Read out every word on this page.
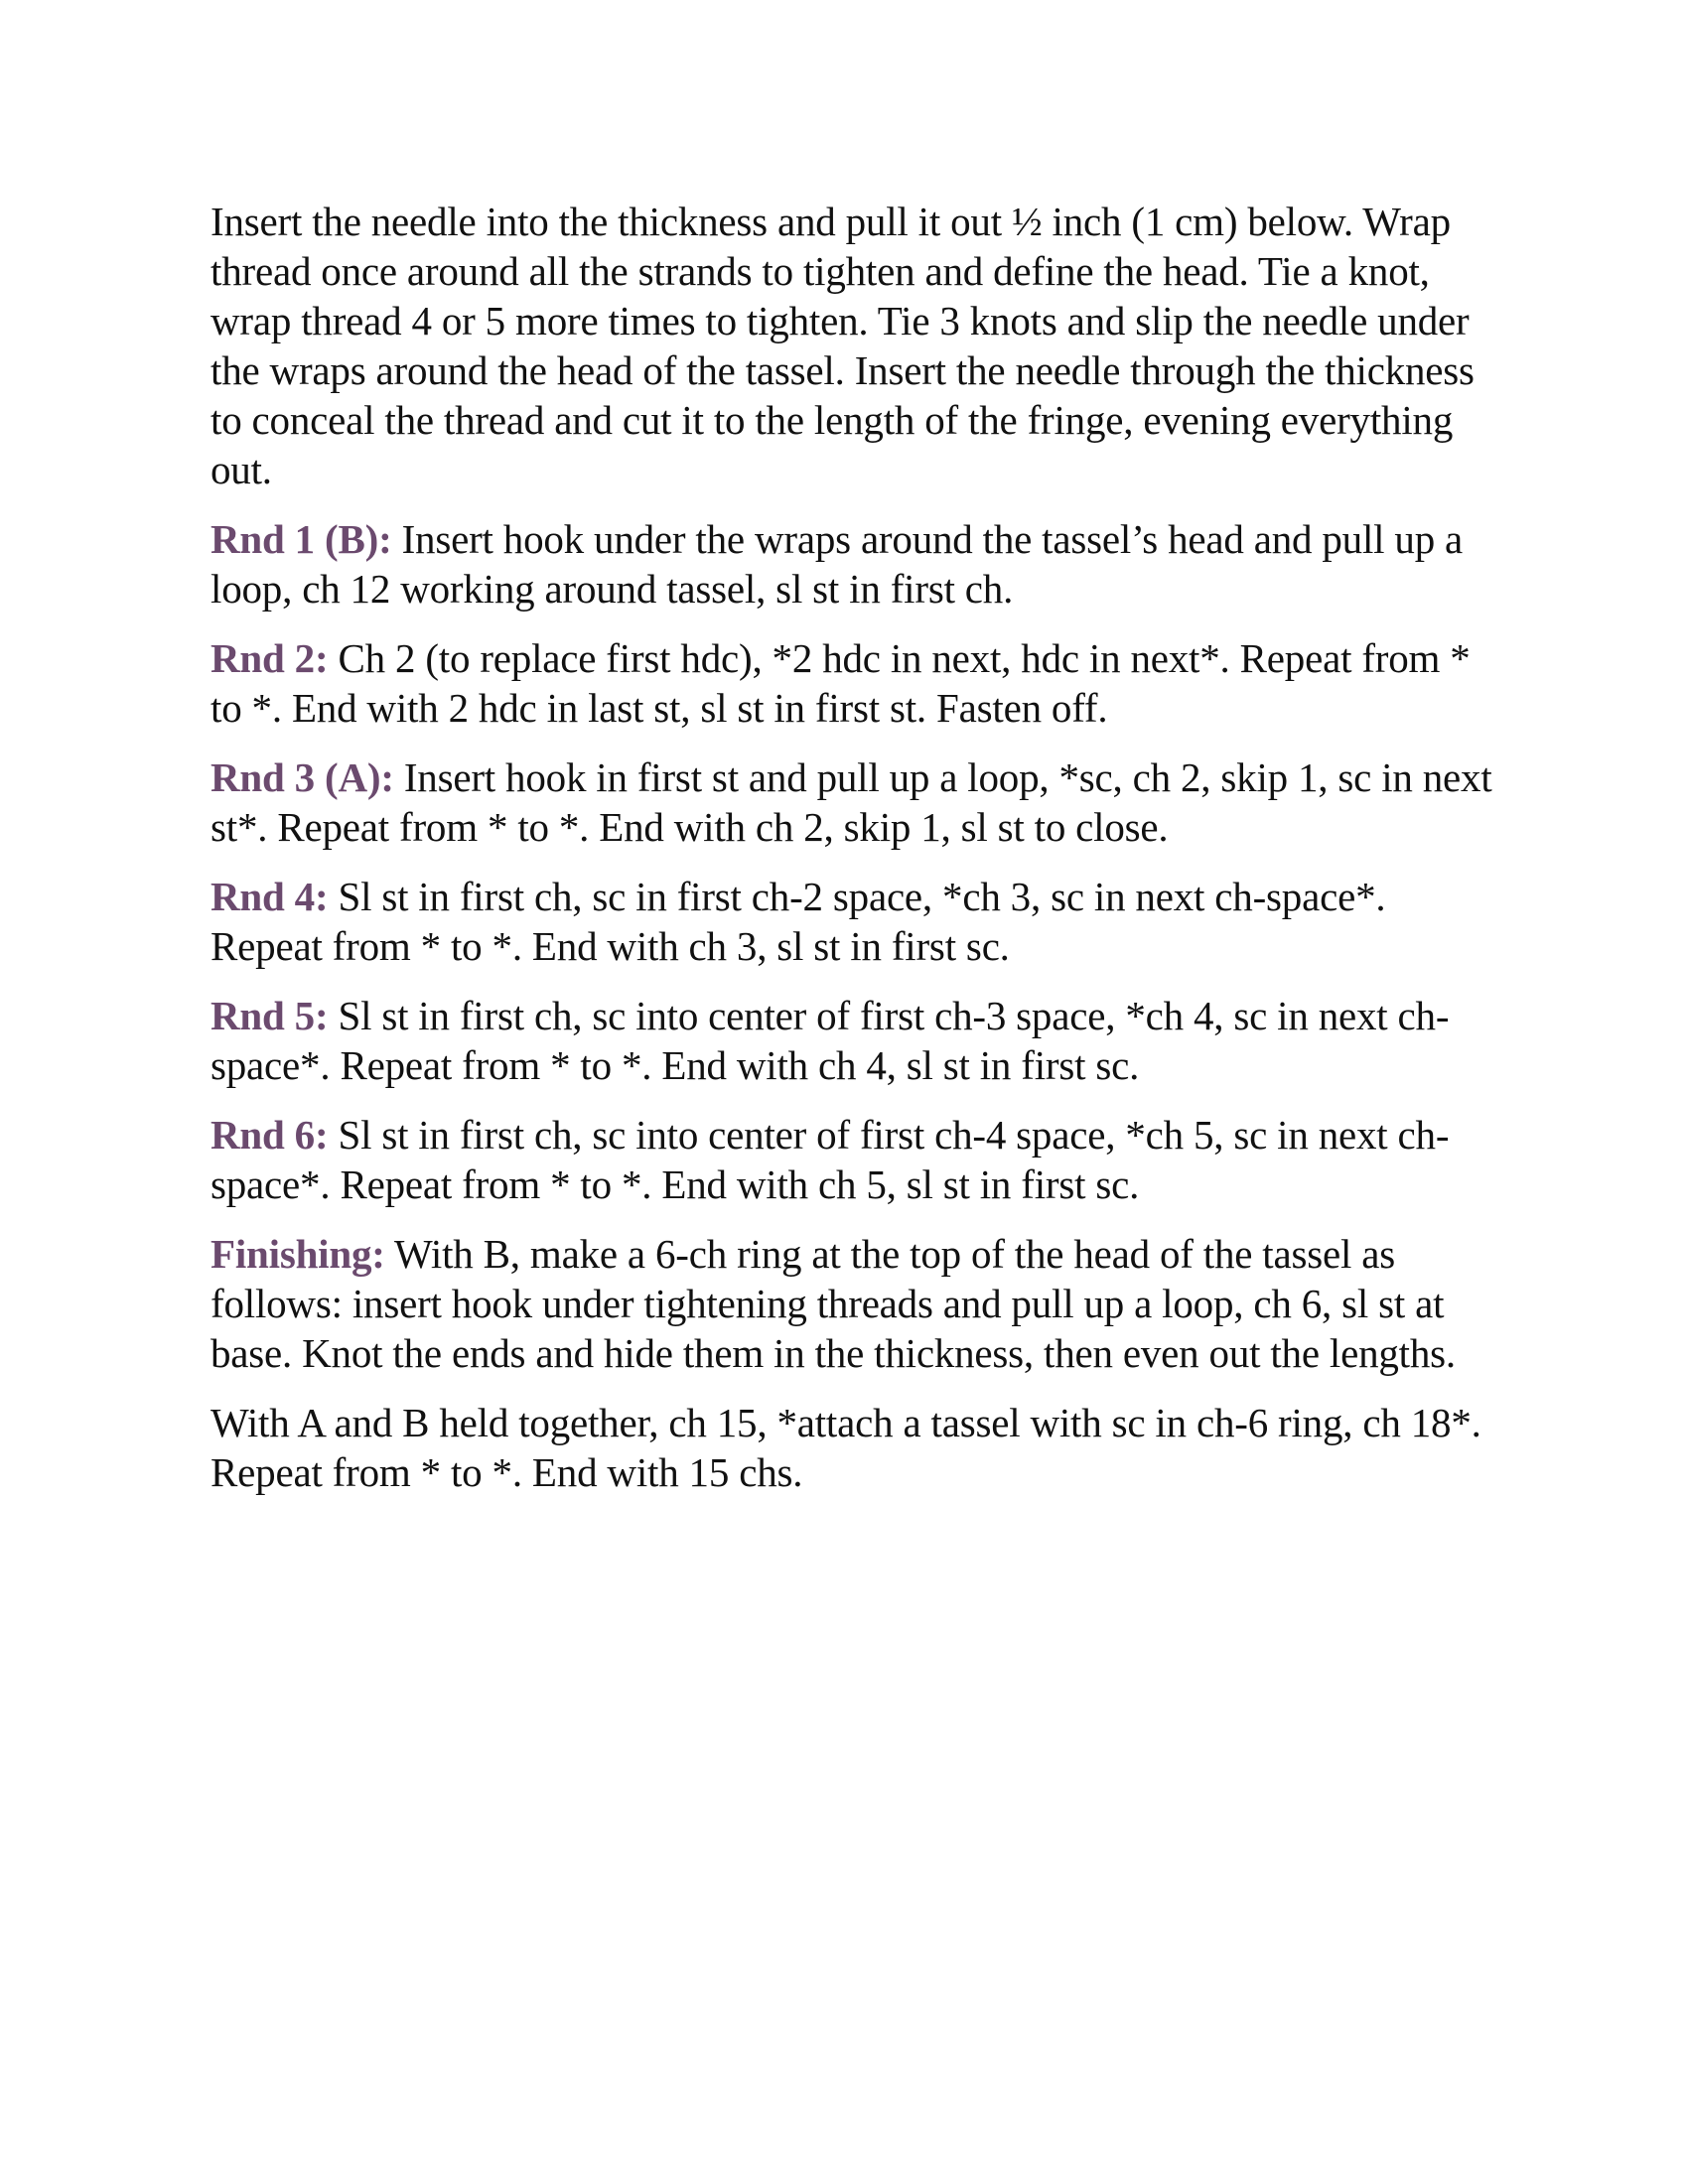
Insert the needle into the thickness and pull it out ½ inch (1 cm) below. Wrap thread once around all the strands to tighten and define the head. Tie a knot, wrap thread 4 or 5 more times to tighten. Tie 3 knots and slip the needle under the wraps around the head of the tassel. Insert the needle through the thickness to conceal the thread and cut it to the length of the fringe, evening everything out.

Rnd 1 (B): Insert hook under the wraps around the tassel’s head and pull up a loop, ch 12 working around tassel, sl st in first ch.

Rnd 2: Ch 2 (to replace first hdc), *2 hdc in next, hdc in next*. Repeat from * to *. End with 2 hdc in last st, sl st in first st. Fasten off.

Rnd 3 (A): Insert hook in first st and pull up a loop, *sc, ch 2, skip 1, sc in next st*. Repeat from * to *. End with ch 2, skip 1, sl st to close.

Rnd 4: Sl st in first ch, sc in first ch-2 space, *ch 3, sc in next ch-space*. Repeat from * to *. End with ch 3, sl st in first sc.

Rnd 5: Sl st in first ch, sc into center of first ch-3 space, *ch 4, sc in next ch-space*. Repeat from * to *. End with ch 4, sl st in first sc.

Rnd 6: Sl st in first ch, sc into center of first ch-4 space, *ch 5, sc in next ch-space*. Repeat from * to *. End with ch 5, sl st in first sc.

Finishing: With B, make a 6-ch ring at the top of the head of the tassel as follows: insert hook under tightening threads and pull up a loop, ch 6, sl st at base. Knot the ends and hide them in the thickness, then even out the lengths.

With A and B held together, ch 15, *attach a tassel with sc in ch-6 ring, ch 18*. Repeat from * to *. End with 15 chs.
